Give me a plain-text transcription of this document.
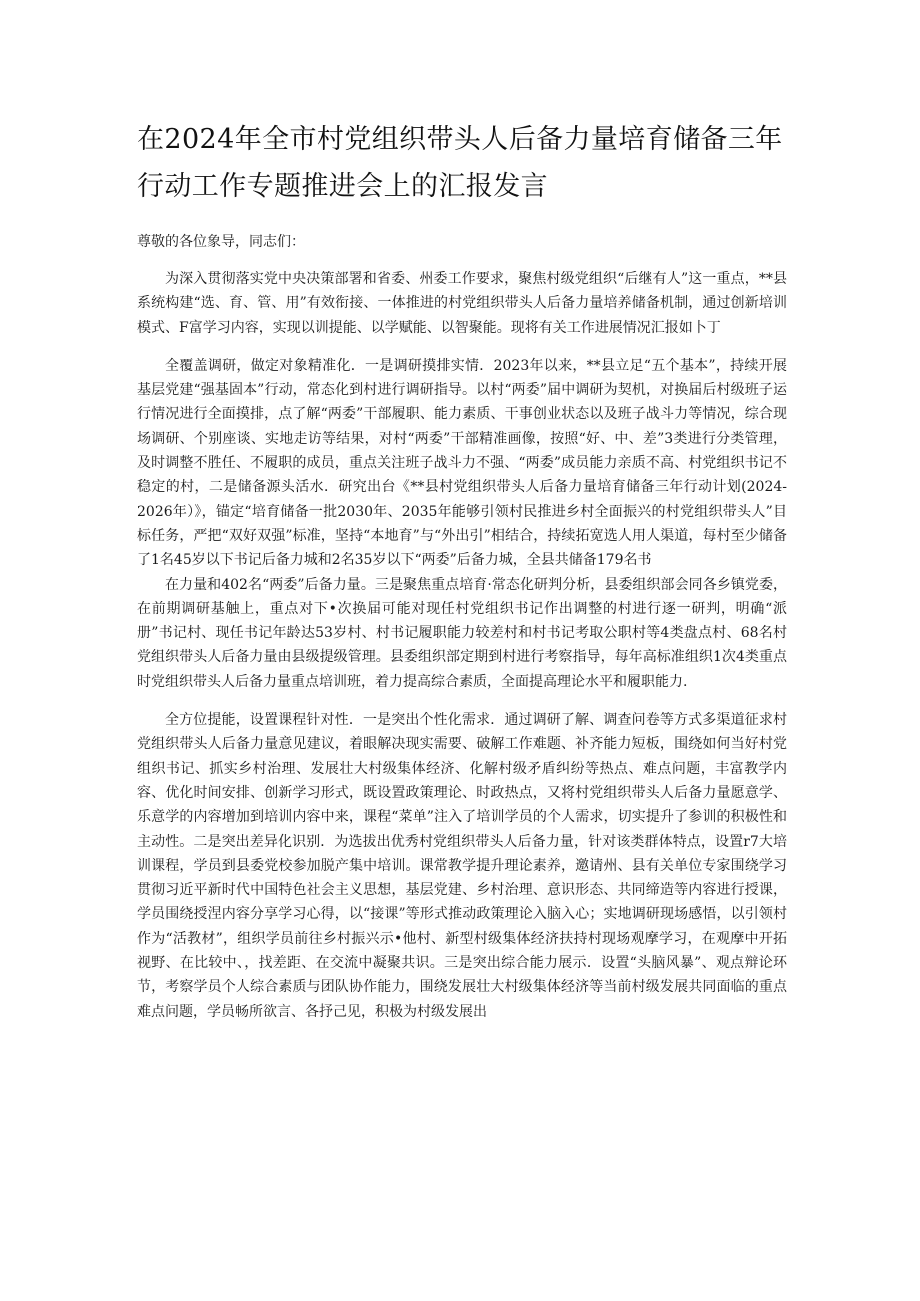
在2024年全市村党组织带头人后备力量培育储备三年行动工作专题推进会上的汇报发言

尊敬的各位象导，同志们：

为深入贯彻落实党中央决策部署和省委、州委工作要求，聚焦村级党组织“后继有人”这一重点，**县系统构建“选、育、管、用”有效衔接、一体推进的村党组织带头人后备力量培养储备机制，通过创新培训模式、F富学习内容，实现以训提能、以学赋能、以智聚能。现将有关工作进展情况汇报如卜丁

全覆盖调研，做定对象精准化．一是调研摸排实情．2023年以来，**县立足“五个基本”，持续开展基层党建“强基固本”行动，常态化到村进行调研指导。以村“两委”届中调研为契机，对换届后村级班子运行情况进行全面摸排，点了解“两委”干部履职、能力素质、干事创业状态以及班子战斗力等情况，综合现场调研、个别座谈、实地走访等结果，对村“两委”干部精准画像，按照“好、中、差”3类进行分类管理，及时调整不胜任、不履职的成员，重点关注班子战斗力不强、“两委”成员能力亲质不高、村党组织书记不稳定的村，二是储备源头活水．研究出台《**县村党组织带头人后备力量培育储备三年行动计划(2024-2026年）》，锚定“培育储备一批2030年、2035年能够引领村民推进乡村全面振兴的村党组织带头人”目标任务，严把“双好双强”标准，坚持“本地育”与“外出引”相结合，持续拓宽选人用人渠道，每村至少储备了1名45岁以下书记后备力城和2名35岁以下“两委”后备力城，全县共储备179名书

在力量和402名“两委”后备力量。三是聚焦重点培育·常态化研判分析，县委组织部会同各乡镇党委，在前期调研基触上，重点对下•次换届可能对现任村党组织书记作出调整的村进行逐一研判，明确“派册”书记村、现任书记年龄达53岁村、村书记履职能力较差村和村书记考取公职村等4类盘点村、68名村党组织带头人后备力量由县级提级管理。县委组织部定期到村进行考察指导，每年高标准组织1次4类重点时党组织带头人后备力量重点培训班，着力提高综合素质，全面提高理论水平和履职能力.

全方位提能，设置课程针对性．一是突出个性化需求．通过调研了解、调查问卷等方式多渠道征求村党组织带头人后备力量意见建议，着眼解决现实需要、破解工作难题、补齐能力短板，围绕如何当好村党组织书记、抓实乡村治理、发展壮大村级集体经济、化解村级矛盾纠纷等热点、难点问题，丰富教学内容、优化时间安排、创新学习形式，既设置政策理论、时政热点，又将村党组织带头人后备力量愿意学、乐意学的内容增加到培训内容中来，课程“菜单”注入了培训学员的个人需求，切实提升了参训的积极性和主动性。二是突出差异化识别．为选拔出优秀村党组织带头人后备力量，针对该类群体特点，设置r7大培训课程，学员到县委党校参加脱产集中培训。课常教学提升理论素养，邀请州、县有关单位专家围绕学习贯彻习近平新时代中国特色社会主义思想，基层党建、乡村治理、意识形态、共同缔造等内容进行授课，学员围绕授涅内容分享学习心得，以“接课”等形式推动政策理论入脑入心；实地调研现场感悟，以引领村作为“活教材”，组织学员前往乡村振兴示•他村、新型村级集体经济扶持村现场观摩学习，在观摩中开拓视野、在比较中、，找差距、在交流中凝聚共识。三是突出综合能力展示．设置“头脑风暴”、观点辩论环节，考察学员个人综合素质与团队协作能力，围绕发展壮大村级集体经济等当前村级发展共同面临的重点难点问题，学员畅所欲言、各抒己见，积极为村级发展出
